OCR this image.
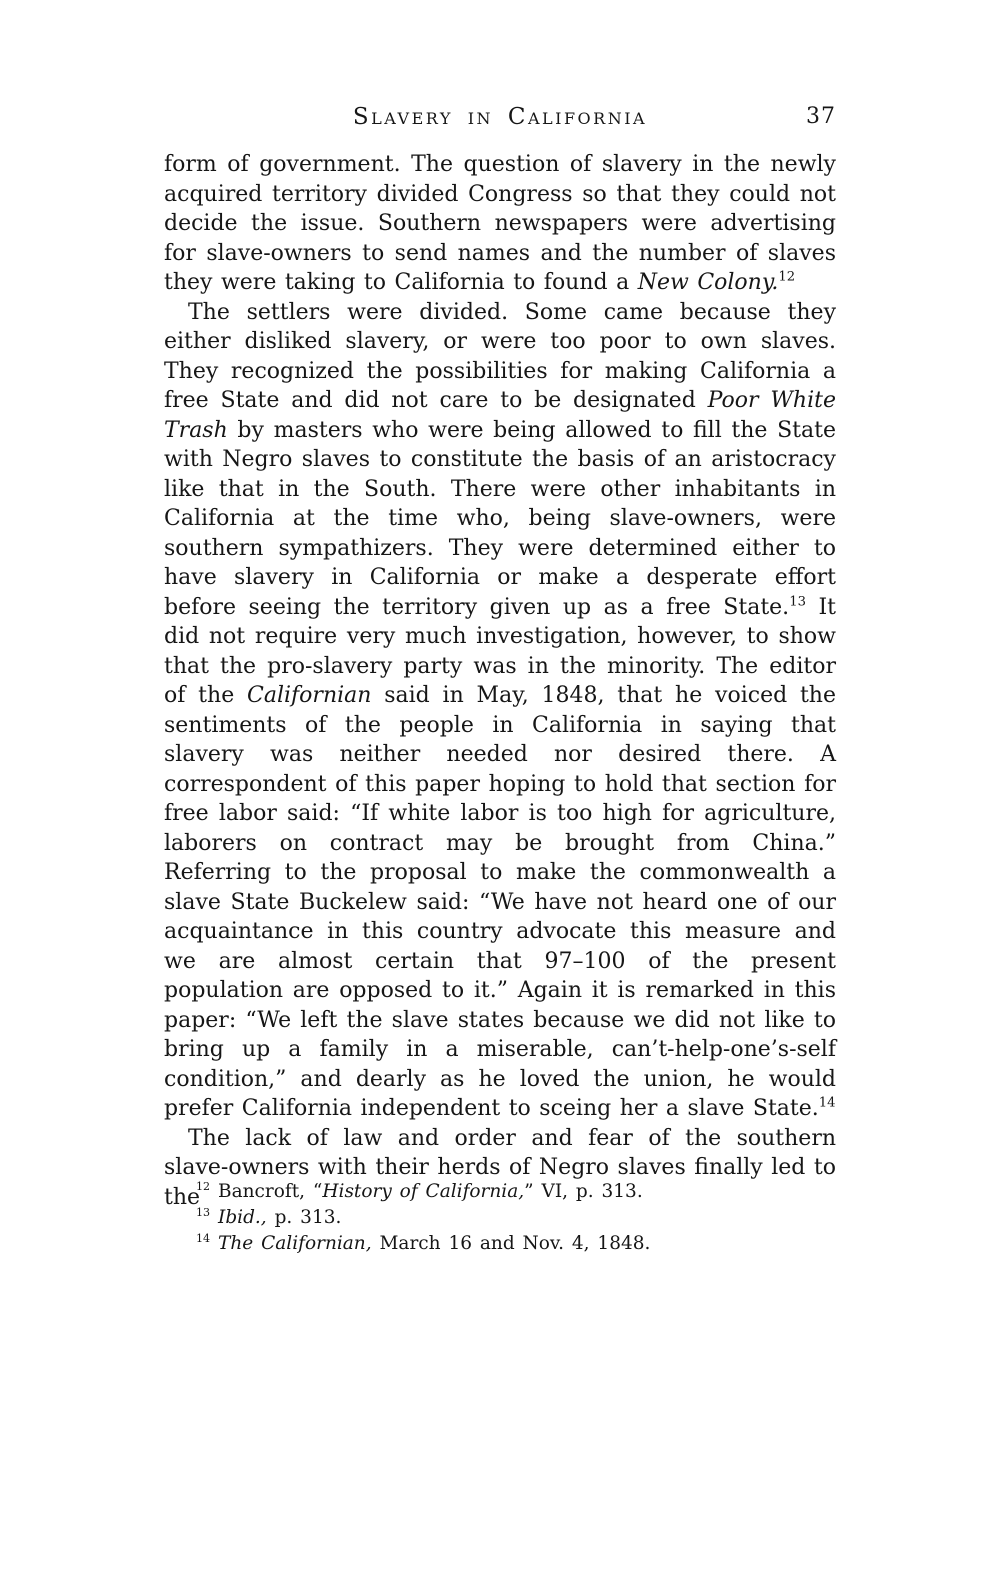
Slavery in California	37

form of government. The question of slavery in the newly acquired territory divided Congress so that they could not decide the issue. Southern newspapers were advertising for slave-owners to send names and the number of slaves they were taking to California to found a New Colony.$^{12}$

The settlers were divided. Some came because they either disliked slavery, or were too poor to own slaves. They recognized the possibilities for making California a free State and did not care to be designated Poor White Trash by masters who were being allowed to fill the State with Negro slaves to constitute the basis of an aristocracy like that in the South. There were other inhabitants in California at the time who, being slave-owners, were southern sympathizers. They were determined either to have slavery in California or make a desperate effort before seeing the territory given up as a free State.$^{13}$ It did not require very much investigation, however, to show that the pro-slavery party was in the minority. The editor of the Californian said in May, 1848, that he voiced the sentiments of the people in California in saying that slavery was neither needed nor desired there. A correspondent of this paper hoping to hold that section for free labor said: “If white labor is too high for agriculture, laborers on contract may be brought from China.” Referring to the proposal to make the commonwealth a slave State Buckelew said: “We have not heard one of our acquaintance in this country advocate this measure and we are almost certain that 97–100 of the present population are opposed to it.” Again it is remarked in this paper: “We left the slave states because we did not like to bring up a family in a miserable, can’t-help-one’s-self condition,” and dearly as he loved the union, he would prefer California independent to sceing her a slave State.$^{14}$

The lack of law and order and fear of the southern slave-owners with their herds of Negro slaves finally led to the

$^{12}$ Bancroft, “History of California,” VI, p. 313.

$^{13}$ Ibid., p. 313.

$^{14}$ The Californian, March 16 and Nov. 4, 1848.
